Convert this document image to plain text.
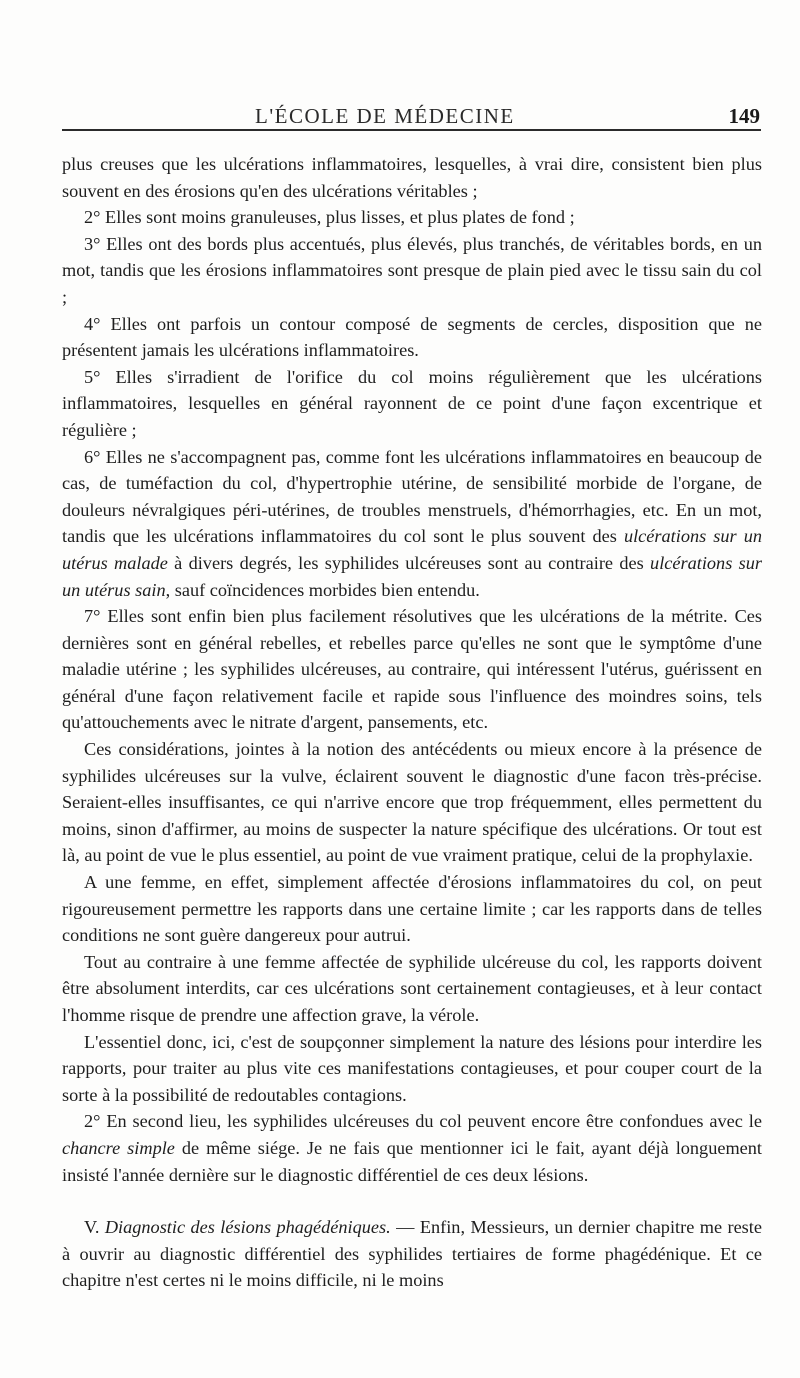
L'ÉCOLE DE MÉDECINE	149

plus creuses que les ulcérations inflammatoires, lesquelles, à vrai dire, consistent bien plus souvent en des érosions qu'en des ulcérations véritables ;

2° Elles sont moins granuleuses, plus lisses, et plus plates de fond ;

3° Elles ont des bords plus accentués, plus élevés, plus tranchés, de véritables bords, en un mot, tandis que les érosions inflammatoires sont presque de plain pied avec le tissu sain du col ;

4° Elles ont parfois un contour composé de segments de cercles, disposition que ne présentent jamais les ulcérations inflammatoires.

5° Elles s'irradient de l'orifice du col moins régulièrement que les ulcérations inflammatoires, lesquelles en général rayonnent de ce point d'une façon excentrique et régulière ;

6° Elles ne s'accompagnent pas, comme font les ulcérations inflammatoires en beaucoup de cas, de tuméfaction du col, d'hypertrophie utérine, de sensibilité morbide de l'organe, de douleurs névralgiques péri-utérines, de troubles menstruels, d'hémorrhagies, etc. En un mot, tandis que les ulcérations inflammatoires du col sont le plus souvent des ulcérations sur un utérus malade à divers degrés, les syphilides ulcéreuses sont au contraire des ulcérations sur un utérus sain, sauf coïncidences morbides bien entendu.

7° Elles sont enfin bien plus facilement résolutives que les ulcérations de la métrite. Ces dernières sont en général rebelles, et rebelles parce qu'elles ne sont que le symptôme d'une maladie utérine ; les syphilides ulcéreuses, au contraire, qui intéressent l'utérus, guérissent en général d'une façon relativement facile et rapide sous l'influence des moindres soins, tels qu'attouchements avec le nitrate d'argent, pansements, etc.

Ces considérations, jointes à la notion des antécédents ou mieux encore à la présence de syphilides ulcéreuses sur la vulve, éclairent souvent le diagnostic d'une facon très-précise. Seraient-elles insuffisantes, ce qui n'arrive encore que trop fréquemment, elles permettent du moins, sinon d'affirmer, au moins de suspecter la nature spécifique des ulcérations. Or tout est là, au point de vue le plus essentiel, au point de vue vraiment pratique, celui de la prophylaxie.

A une femme, en effet, simplement affectée d'érosions inflammatoires du col, on peut rigoureusement permettre les rapports dans une certaine limite ; car les rapports dans de telles conditions ne sont guère dangereux pour autrui.

Tout au contraire à une femme affectée de syphilide ulcéreuse du col, les rapports doivent être absolument interdits, car ces ulcérations sont certainement contagieuses, et à leur contact l'homme risque de prendre une affection grave, la vérole.

L'essentiel donc, ici, c'est de soupçonner simplement la nature des lésions pour interdire les rapports, pour traiter au plus vite ces manifestations contagieuses, et pour couper court de la sorte à la possibilité de redoutables contagions.

2° En second lieu, les syphilides ulcéreuses du col peuvent encore être confondues avec le chancre simple de même siége. Je ne fais que mentionner ici le fait, ayant déjà longuement insisté l'année dernière sur le diagnostic différentiel de ces deux lésions.

V. Diagnostic des lésions phagédéniques. — Enfin, Messieurs, un dernier chapitre me reste à ouvrir au diagnostic différentiel des syphilides tertiaires de forme phagédénique. Et ce chapitre n'est certes ni le moins difficile, ni le moins
